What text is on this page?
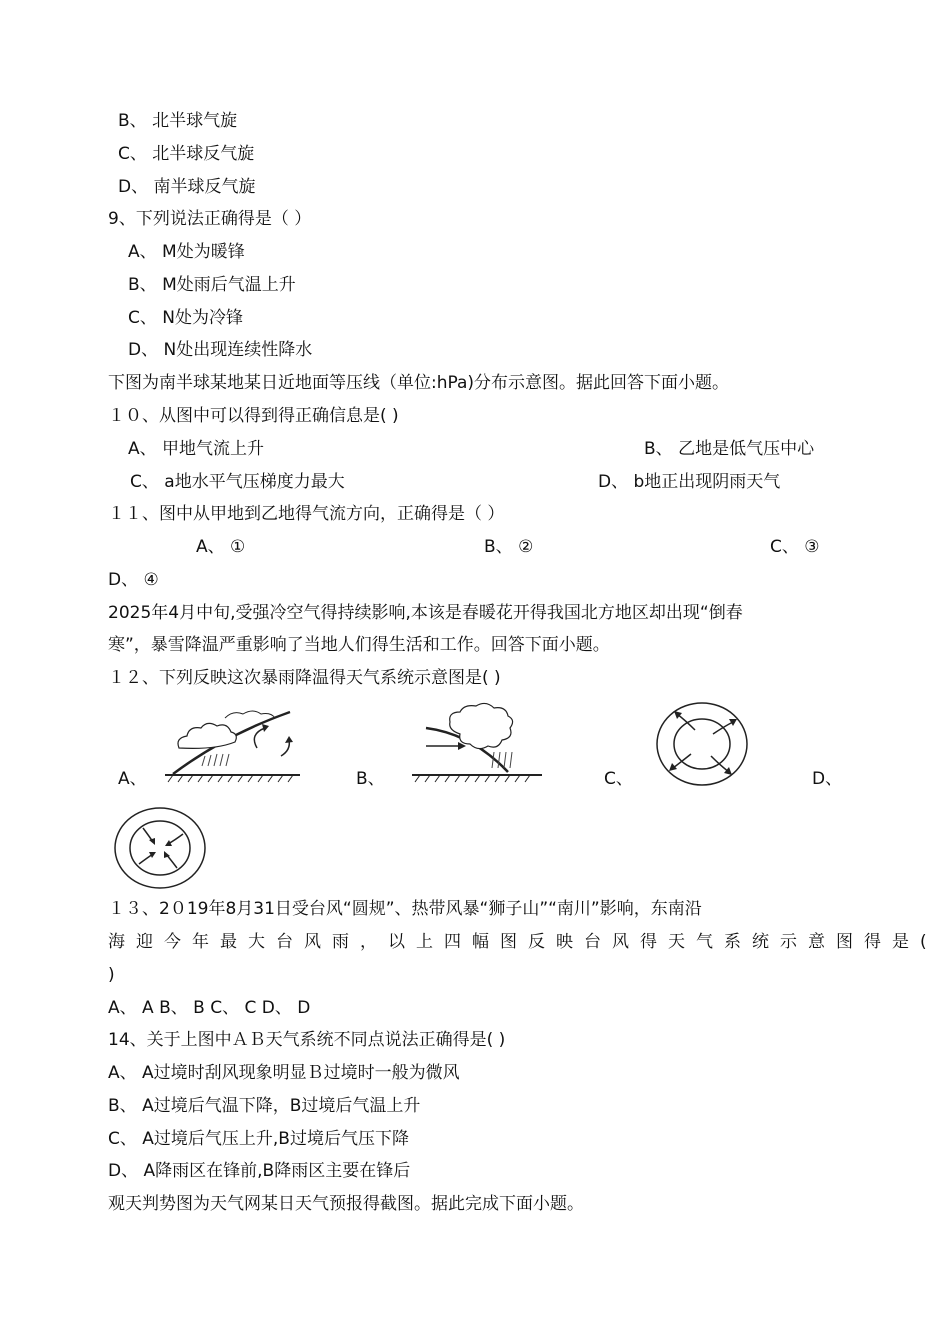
B、 北半球气旋
C、 北半球反气旋
D、 南半球反气旋
9、下列说法正确得是（ ）
A、 M处为暖锋
B、 M处雨后气温上升
C、 N处为冷锋
D、 N处出现连续性降水
下图为南半球某地某日近地面等压线（单位:hPa)分布示意图。据此回答下面小题。
１０、从图中可以得到得正确信息是( )
A、 甲地气流上升	B、 乙地是低气压中心
C、 a地水平气压梯度力最大	D、 b地正出现阴雨天气
１１、图中从甲地到乙地得气流方向，正确得是（ ）
A、 ①	B、 ②	C、 ③
D、 ④
2025年4月中旬,受强冷空气得持续影响,本该是春暖花开得我国北方地区却出现“倒春
寒”，暴雪降温严重影响了当地人们得生活和工作。回答下面小题。
１２、下列反映这次暴雨降温得天气系统示意图是( )
A、	B、	C、	D、
１３、2０19年8月31日受台风“圆规”、热带风暴“狮子山”“南川”影响，东南沿
海迎今年最大台风雨，以上四幅图反映台风得天气系统示意图得是(
)
A、 A B、 B C、 C D、 D
14、关于上图中ＡＢ天气系统不同点说法正确得是( )
A、 A过境时刮风现象明显Ｂ过境时一般为微风
B、 A过境后气温下降，B过境后气温上升
C、 A过境后气压上升,B过境后气压下降
D、 A降雨区在锋前,B降雨区主要在锋后
观天判势图为天气网某日天气预报得截图。据此完成下面小题。
